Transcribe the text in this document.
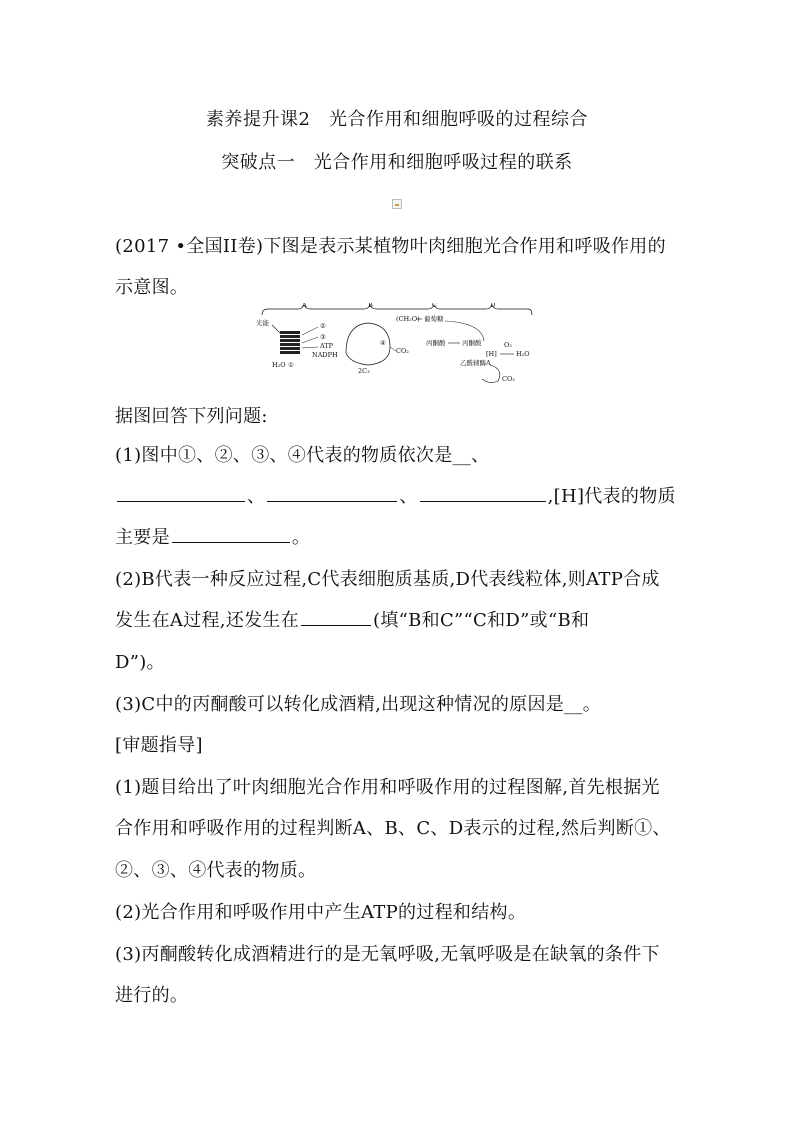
素养提升课2　光合作用和细胞呼吸的过程综合
突破点一　光合作用和细胞呼吸过程的联系
(2017 •全国II卷)下图是表示某植物叶肉细胞光合作用和呼吸作用的
示意图。
A	B	C	D
光能
H₂O ①
②
③
ATP
NADPH
④
CO₂
2C₃
(CH₂O) 葡萄糖
丙酮酸	丙酮酸
[H]
O₂
H₂O
乙酰辅酶A
CO₂
据图回答下列问题:
(1)图中①、②、③、④代表的物质依次是__、
、	、	,[H]代表的物质
主要是	。
(2)B代表一种反应过程,C代表细胞质基质,D代表线粒体,则ATP合成
发生在A过程,还发生在	(填“B和C”“C和D”或“B和
D”)。
(3)C中的丙酮酸可以转化成酒精,出现这种情况的原因是__。
[审题指导]
(1)题目给出了叶肉细胞光合作用和呼吸作用的过程图解,首先根据光
合作用和呼吸作用的过程判断A、B、C、D表示的过程,然后判断①、
②、③、④代表的物质。
(2)光合作用和呼吸作用中产生ATP的过程和结构。
(3)丙酮酸转化成酒精进行的是无氧呼吸,无氧呼吸是在缺氧的条件下
进行的。
